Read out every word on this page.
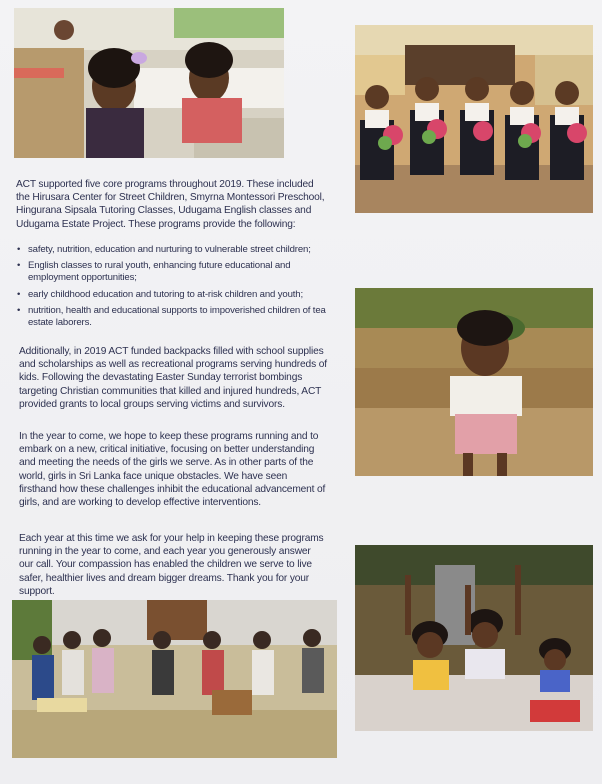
ACT supported five core programs throughout 2019. These included the Hirusara Center for Street Children, Smyrna Montessori Preschool, Hingurana Sipsala Tutoring Classes, Udugama English classes and Udugama Estate Project. These programs provide the following:

• safety, nutrition, education and nurturing to vulnerable street children;
• English classes to rural youth, enhancing future educational and employment opportunities;
• early childhood education and tutoring to at-risk children and youth;
• nutrition, health and educational supports to impoverished children of tea estate laborers.

Additionally, in 2019 ACT funded backpacks filled with school supplies and scholarships as well as recreational programs serving hundreds of kids. Following the devastating Easter Sunday terrorist bombings targeting Christian communities that killed and injured hundreds, ACT provided grants to local groups serving victims and survivors.

In the year to come, we hope to keep these programs running and to embark on a new, critical initiative, focusing on better understanding and meeting the needs of the girls we serve. As in other parts of the world, girls in Sri Lanka face unique obstacles. We have seen firsthand how these challenges inhibit the educational advancement of girls, and are working to develop effective interventions.

Each year at this time we ask for your help in keeping these programs running in the year to come, and each year you generously answer our call. Your compassion has enabled the children we serve to live safer, healthier lives and dream bigger dreams. Thank you for your support.
